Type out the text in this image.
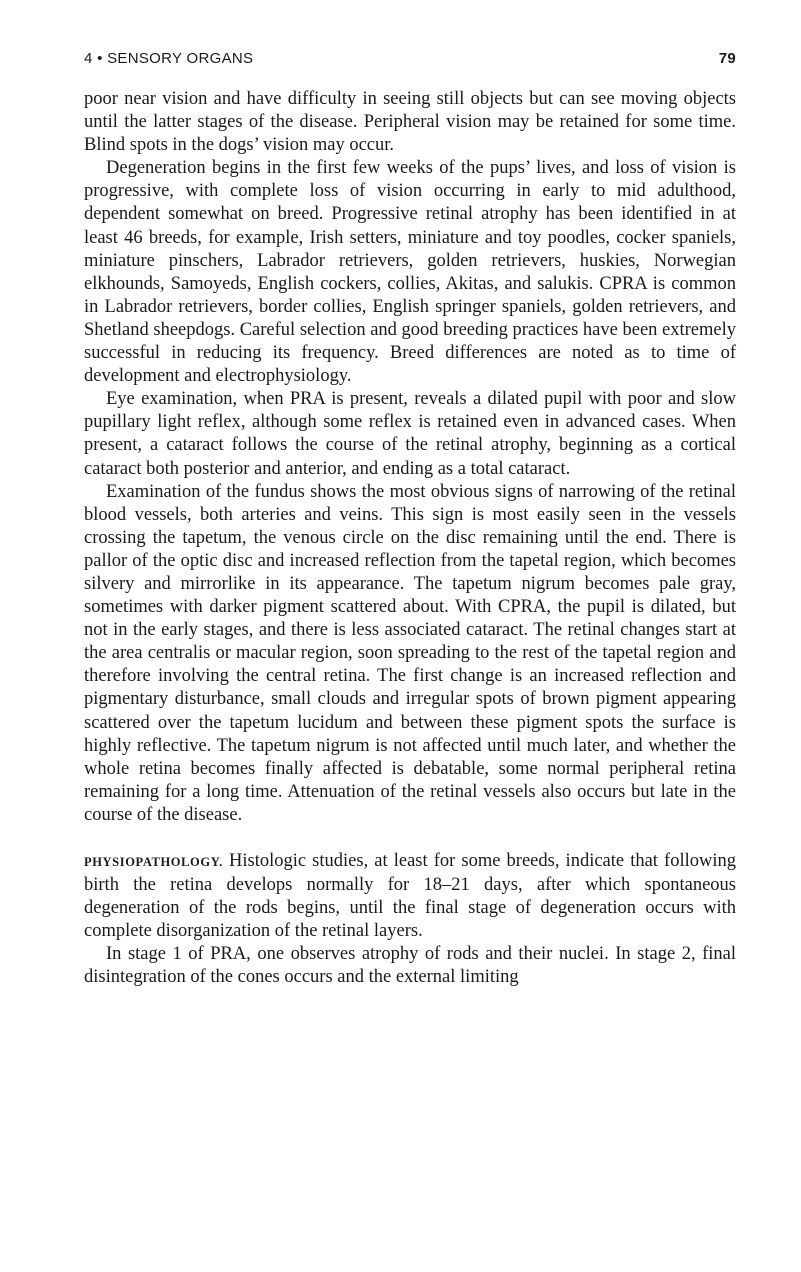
4 • SENSORY ORGANS	79

poor near vision and have difficulty in seeing still objects but can see moving objects until the latter stages of the disease. Peripheral vision may be retained for some time. Blind spots in the dogs’ vision may occur.

Degeneration begins in the first few weeks of the pups’ lives, and loss of vision is progressive, with complete loss of vision occurring in early to mid adulthood, dependent somewhat on breed. Progressive retinal atrophy has been identified in at least 46 breeds, for example, Irish setters, miniature and toy poodles, cocker spaniels, miniature pinschers, Labrador retrievers, golden retrievers, huskies, Norwegian elkhounds, Samoyeds, English cockers, collies, Akitas, and salukis. CPRA is common in Labrador retrievers, border collies, English springer spaniels, golden retrievers, and Shetland sheepdogs. Careful selection and good breeding practices have been extremely successful in reducing its frequency. Breed differences are noted as to time of development and electrophysiology.

Eye examination, when PRA is present, reveals a dilated pupil with poor and slow pupillary light reflex, although some reflex is retained even in advanced cases. When present, a cataract follows the course of the retinal atrophy, beginning as a cortical cataract both posterior and anterior, and ending as a total cataract.

Examination of the fundus shows the most obvious signs of narrowing of the retinal blood vessels, both arteries and veins. This sign is most easily seen in the vessels crossing the tapetum, the venous circle on the disc remaining until the end. There is pallor of the optic disc and increased reflection from the tapetal region, which becomes silvery and mirrorlike in its appearance. The tapetum nigrum becomes pale gray, sometimes with darker pigment scattered about. With CPRA, the pupil is dilated, but not in the early stages, and there is less associated cataract. The retinal changes start at the area centralis or macular region, soon spreading to the rest of the tapetal region and therefore involving the central retina. The first change is an increased reflection and pigmentary disturbance, small clouds and irregular spots of brown pigment appearing scattered over the tapetum lucidum and between these pigment spots the surface is highly reflective. The tapetum nigrum is not affected until much later, and whether the whole retina becomes finally affected is debatable, some normal peripheral retina remaining for a long time. Attenuation of the retinal vessels also occurs but late in the course of the disease.

PHYSIOPATHOLOGY. Histologic studies, at least for some breeds, indicate that following birth the retina develops normally for 18–21 days, after which spontaneous degeneration of the rods begins, until the final stage of degeneration occurs with complete disorganization of the retinal layers.

In stage 1 of PRA, one observes atrophy of rods and their nuclei. In stage 2, final disintegration of the cones occurs and the external limiting
